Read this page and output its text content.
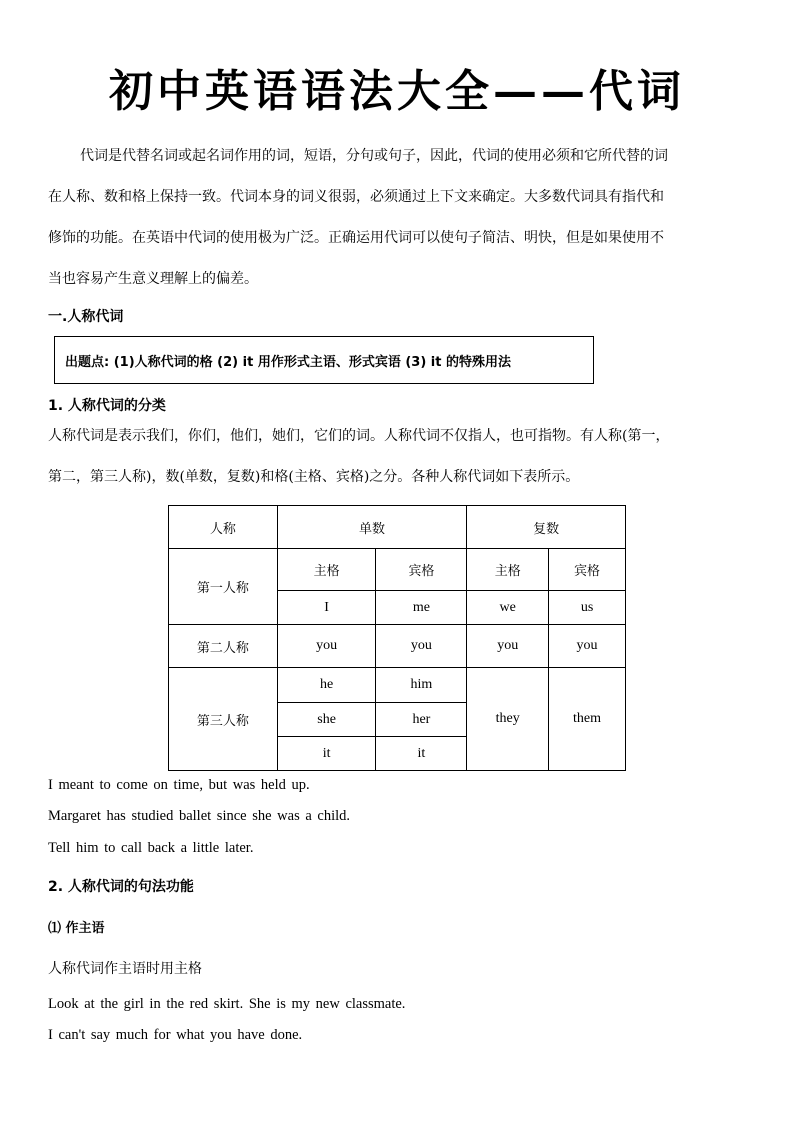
初中英语语法大全——代词
代词是代替名词或起名词作用的词，短语，分句或句子，因此，代词的使用必须和它所代替的词
在人称、数和格上保持一致。代词本身的词义很弱，必须通过上下文来确定。大多数代词具有指代和
修饰的功能。在英语中代词的使用极为广泛。正确运用代词可以使句子简洁、明快，但是如果使用不
当也容易产生意义理解上的偏差。
一.人称代词
出题点: (1)人称代词的格 (2) it 用作形式主语、形式宾语 (3) it 的特殊用法
1. 人称代词的分类
人称代词是表示我们，你们，他们，她们，它们的词。人称代词不仅指人，也可指物。有人称(第一，
第二，第三人称)，数(单数，复数)和格(主格、宾格)之分。各种人称代词如下表所示。
人称	单数		复数	
第一人称	主格	宾格	主格	宾格
	I	me	we	us
第二人称	you	you	you	you
第三人称	he	him	they	them
	she	her		
	it	it		

I meant to come on time, but was held up.

Margaret has studied ballet since she was a child.

Tell him to call back a little later.

2. 人称代词的句法功能
⑴ 作主语

人称代词作主语时用主格

Look at the girl in the red skirt. She is my new classmate.

I can't say much for what you have done.
